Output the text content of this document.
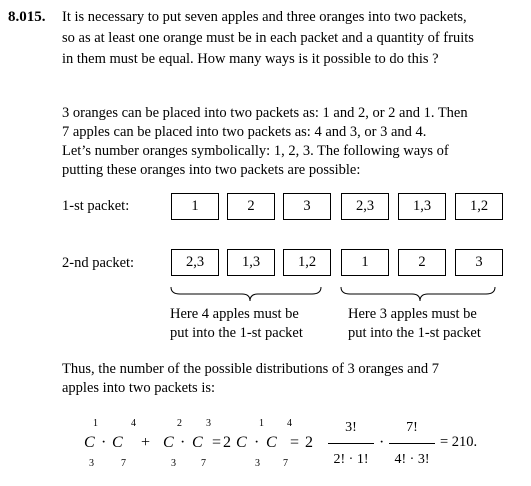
8.015. It is necessary to put seven apples and three oranges into two packets,
so as at least one orange must be in each packet and a quantity of fruits
in them must be equal. How many ways is it possible to do this ?
3 oranges can be placed into two packets as: 1 and 2, or 2 and 1. Then
7 apples can be placed into two packets as: 4 and 3, or 3 and 4.
Let’s number oranges symbolically: 1, 2, 3. The following ways of
putting these oranges into two packets are possible:
1-st packet:	1	2	3	2,3	1,3	1,2
2-nd packet:	2,3	1,3	1,2	1	2	3
Here 4 apples must be
put into the 1-st packet
Here 3 apples must be
put into the 1-st packet
Thus, the number of the possible distributions of 3 oranges and 7
apples into two packets is:
1
C
3
·
4
C
7
+
2
C
3
·
3
C
7
= 2
1
C
3
·
4
C
7
= 2
3!
2! · 1!
·
7!
4! · 3!
= 210.
